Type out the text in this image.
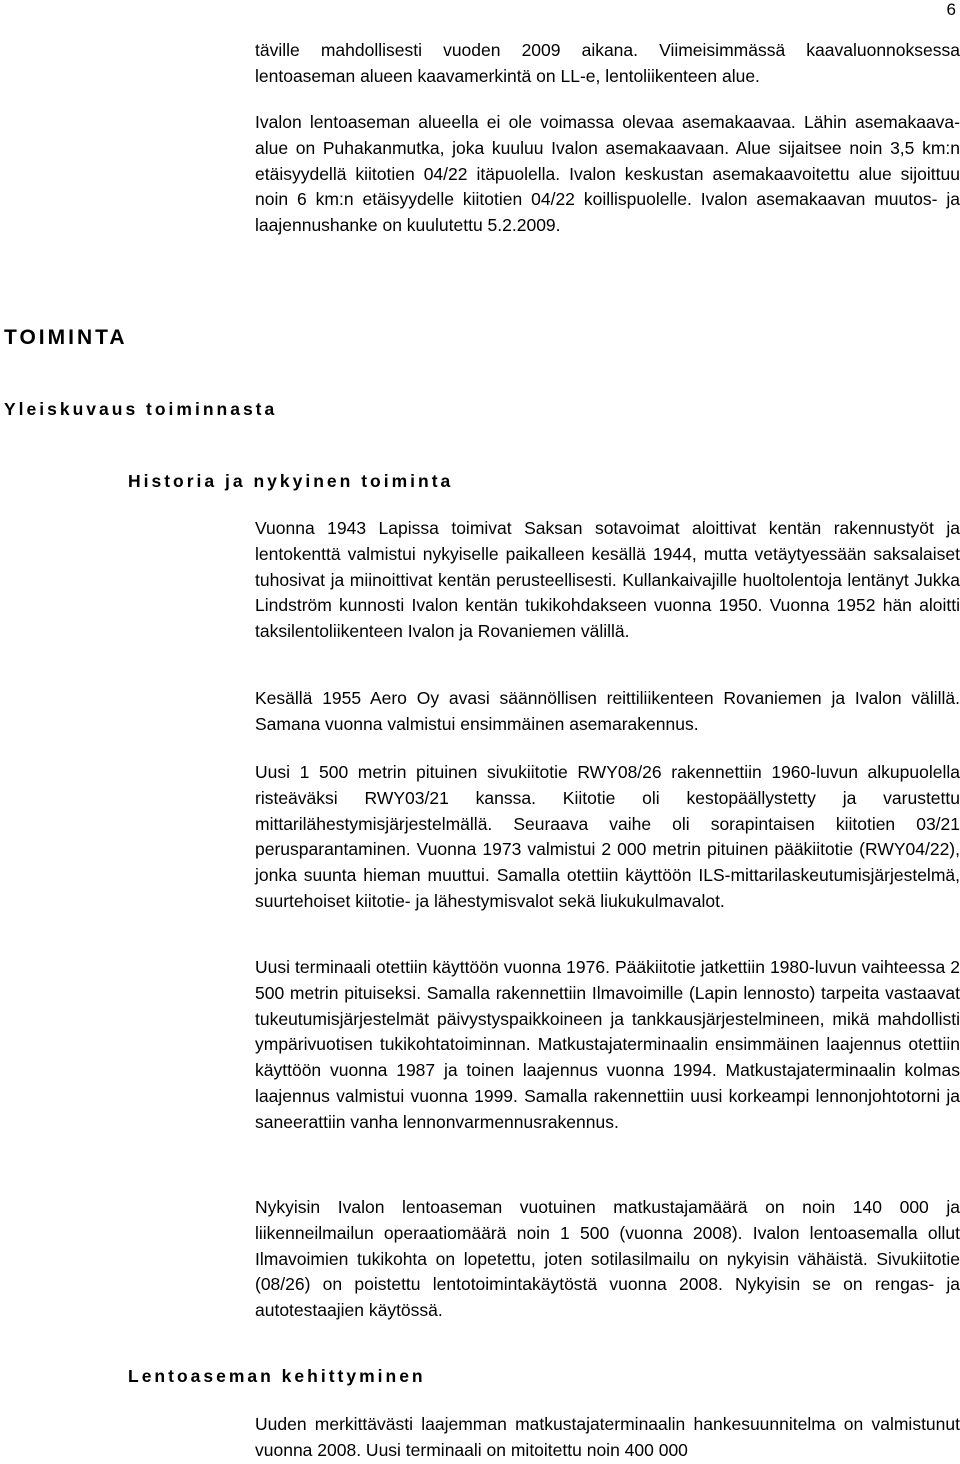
6

täville mahdollisesti vuoden 2009 aikana. Viimeisimmässä kaavaluonnoksessa lentoaseman alueen kaavamerkintä on LL-e, lentoliikenteen alue.

Ivalon lentoaseman alueella ei ole voimassa olevaa asemakaavaa. Lähin asemakaava-alue on Puhakanmutka, joka kuuluu Ivalon asemakaavaan. Alue sijaitsee noin 3,5 km:n etäisyydellä kiitotien 04/22 itäpuolella. Ivalon keskustan asemakaavoitettu alue sijoittuu noin 6 km:n etäisyydelle kiitotien 04/22 koillispuolelle. Ivalon asemakaavan muutos- ja laajennushanke on kuulutettu 5.2.2009.

TOIMINTA
Yleiskuvaus toiminnasta
Historia ja nykyinen toiminta

Vuonna 1943 Lapissa toimivat Saksan sotavoimat aloittivat kentän rakennustyöt ja lentokenttä valmistui nykyiselle paikalleen kesällä 1944, mutta vetäytyessään saksalaiset tuhosivat ja miinoittivat kentän perusteellisesti. Kullankaivajille huoltolentoja lentänyt Jukka Lindström kunnosti Ivalon kentän tukikohdakseen vuonna 1950. Vuonna 1952 hän aloitti taksilentoliikenteen Ivalon ja Rovaniemen välillä.

Kesällä 1955 Aero Oy avasi säännöllisen reittiliikenteen Rovaniemen ja Ivalon välillä. Samana vuonna valmistui ensimmäinen asemarakennus.

Uusi 1 500 metrin pituinen sivukiitotie RWY08/26 rakennettiin 1960-luvun alkupuolella risteäväksi RWY03/21 kanssa. Kiitotie oli kestopäällystetty ja varustettu mittarilähestymisjärjestelmällä. Seuraava vaihe oli sorapintaisen kiitotien 03/21 perusparantaminen. Vuonna 1973 valmistui 2 000 metrin pituinen pääkiitotie (RWY04/22), jonka suunta hieman muuttui. Samalla otettiin käyttöön ILS-mittarilaskeutumisjärjestelmä, suurtehoiset kiitotie- ja lähestymisvalot sekä liukukulmavalot.

Uusi terminaali otettiin käyttöön vuonna 1976. Pääkiitotie jatkettiin 1980-luvun vaihteessa 2 500 metrin pituiseksi. Samalla rakennettiin Ilmavoimille (Lapin lennosto) tarpeita vastaavat tukeutumisjärjestelmät päivystyspaikkoineen ja tankkausjärjestelmineen, mikä mahdollisti ympärivuotisen tukikohtatoiminnan. Matkustajaterminaalin ensimmäinen laajennus otettiin käyttöön vuonna 1987 ja toinen laajennus vuonna 1994. Matkustajaterminaalin kolmas laajennus valmistui vuonna 1999. Samalla rakennettiin uusi korkeampi lennonjohtotorni ja saneerattiin vanha lennonvarmennusrakennus.

Nykyisin Ivalon lentoaseman vuotuinen matkustajamäärä on noin 140 000 ja liikenneilmailun operaatiomäärä noin 1 500 (vuonna 2008). Ivalon lentoasemalla ollut Ilmavoimien tukikohta on lopetettu, joten sotilasilmailu on nykyisin vähäistä. Sivukiitotie (08/26) on poistettu lentotoimintakäytöstä vuonna 2008. Nykyisin se on rengas- ja autotestaajien käytössä.

Lentoaseman kehittyminen

Uuden merkittävästi laajemman matkustajaterminaalin hankesuunnitelma on valmistunut vuonna 2008. Uusi terminaali on mitoitettu noin 400 000
